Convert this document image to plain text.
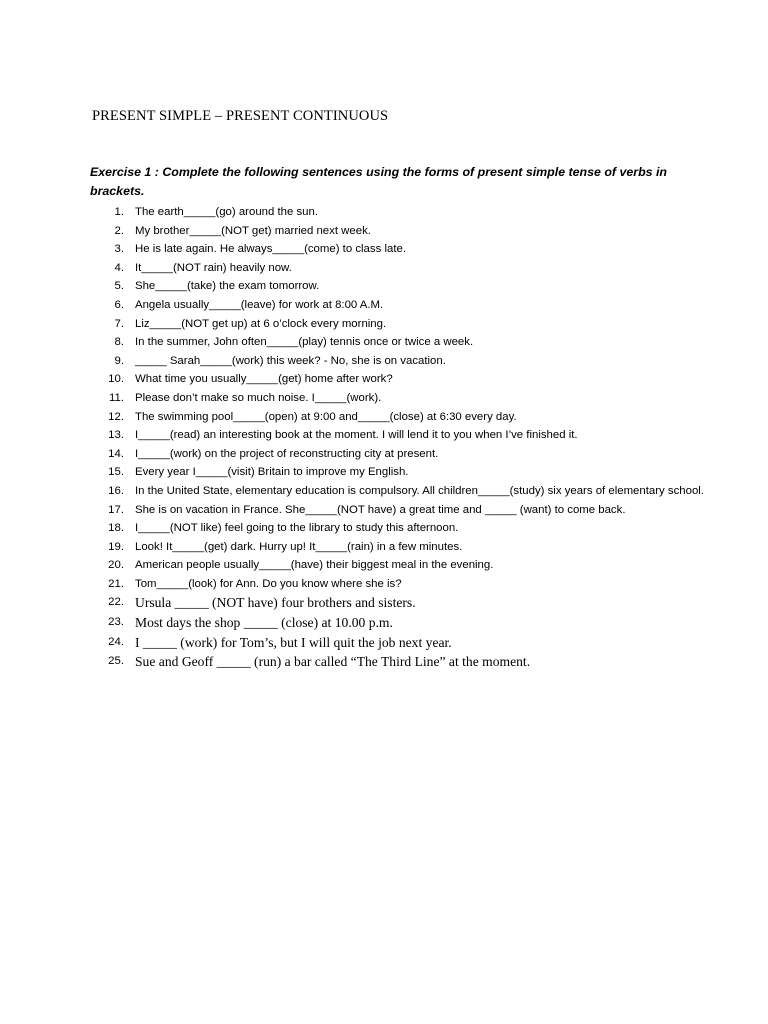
PRESENT SIMPLE – PRESENT CONTINUOUS
Exercise 1 : Complete the following sentences using the forms of present simple tense of verbs in brackets.
1. The earth_____(go) around the sun.
2. My brother_____(NOT get) married next week.
3. He is late again. He always_____(come) to class late.
4. It_____(NOT rain) heavily now.
5. She_____(take) the exam tomorrow.
6. Angela usually_____(leave) for work at 8:00 A.M.
7. Liz_____(NOT get up) at 6 o’clock every morning.
8. In the summer, John often_____(play) tennis once or twice a week.
9. _____ Sarah_____(work) this week? - No, she is on vacation.
10. What time you usually_____(get) home after work?
11. Please don’t make so much noise. I_____(work).
12. The swimming pool_____(open) at 9:00 and_____(close) at 6:30 every day.
13. I_____(read) an interesting book at the moment. I will lend it to you when I’ve finished it.
14. I_____(work) on the project of reconstructing city at present.
15. Every year I_____(visit) Britain to improve my English.
16. In the United State, elementary education is compulsory. All children_____(study) six years of elementary school.
17. She is on vacation in France. She_____(NOT have) a great time and _____ (want) to come back.
18. I_____(NOT like) feel going to the library to study this afternoon.
19. Look! It_____(get) dark. Hurry up! It_____(rain) in a few minutes.
20. American people usually_____(have) their biggest meal in the evening.
21. Tom_____(look) for Ann. Do you know where she is?
22. Ursula _____ (NOT have) four brothers and sisters.
23. Most days the shop _____ (close) at 10.00 p.m.
24. I _____ (work) for Tom’s, but I will quit the job next year.
25. Sue and Geoff _____ (run) a bar called “The Third Line” at the moment.
